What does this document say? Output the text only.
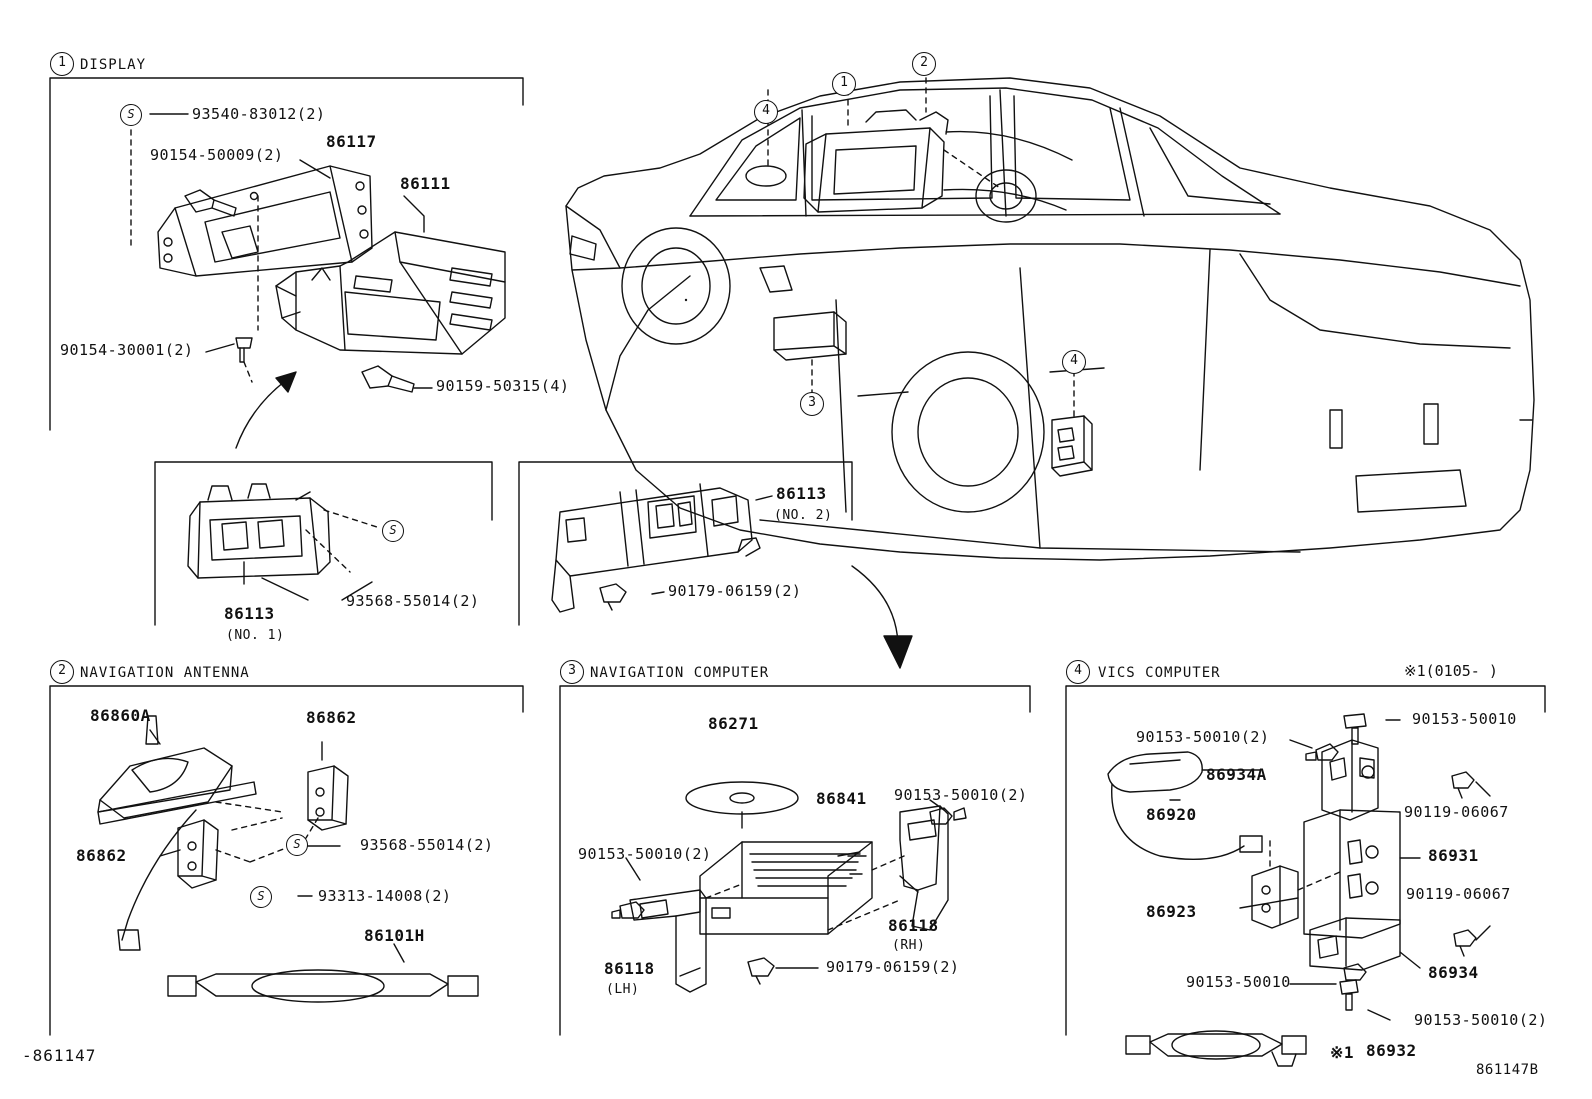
1	DISPLAY
2	NAVIGATION ANTENNA	3	NAVIGATION COMPUTER	4	VICS COMPUTER	※1(0105- )
1
2
4
3
4
S	93540-83012(2)
90154-50009(2)
86117
86111
90154-30001(2)
90159-50315(4)
86113
(NO. 1)
S
93568-55014(2)
86113
(NO. 2)
90179-06159(2)
86860A	86862
86862
S	93568-55014(2)
S	93313-14008(2)
86101H
86271
90153-50010(2)
86841
90153-50010(2)
86118
(RH)
86118
(LH)
90179-06159(2)
90153-50010(2)
90153-50010
86934A
86920	90119-06067
86931
90119-06067
86923
86934
90153-50010
90153-50010(2)
※1 86932
-861147
861147B
